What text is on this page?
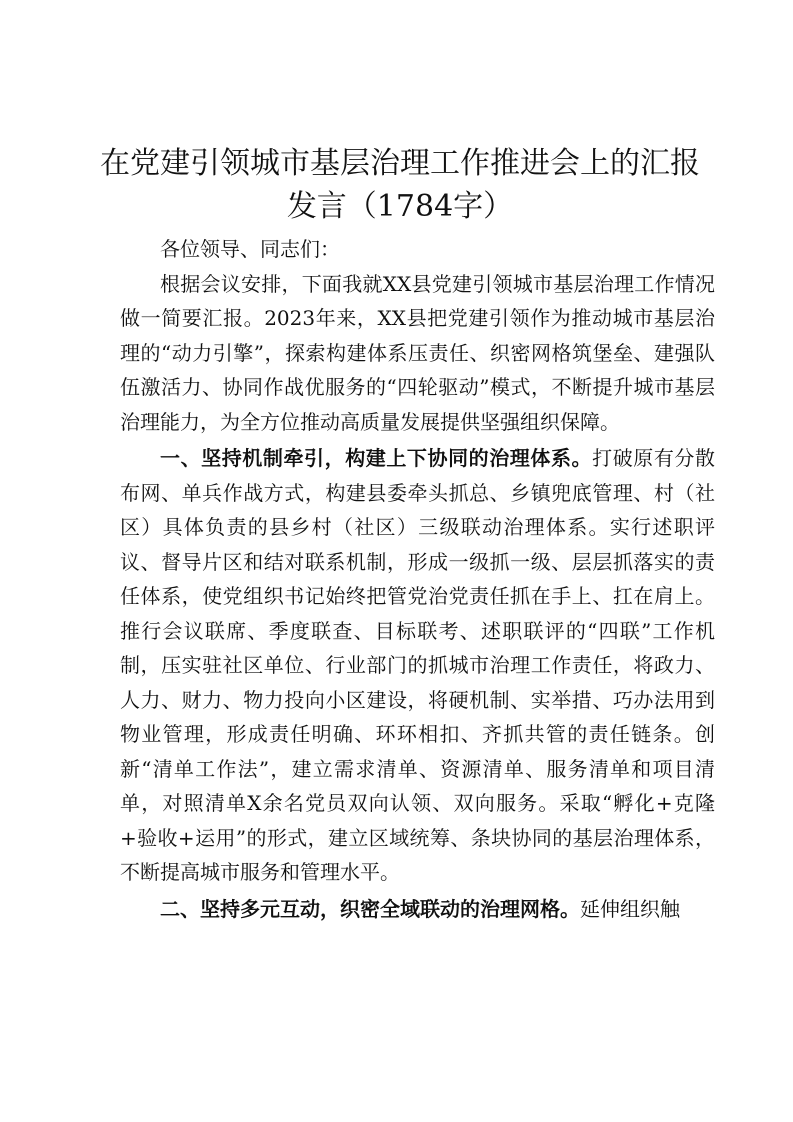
在党建引领城市基层治理工作推进会上的汇报发言（1784字）

各位领导、同志们：

根据会议安排，下面我就XX县党建引领城市基层治理工作情况做一简要汇报。2023年来，XX县把党建引领作为推动城市基层治理的“动力引擎”，探索构建体系压责任、织密网格筑堡垒、建强队伍激活力、协同作战优服务的“四轮驱动”模式，不断提升城市基层治理能力，为全方位推动高质量发展提供坚强组织保障。

一、坚持机制牵引，构建上下协同的治理体系。打破原有分散布网、单兵作战方式，构建县委牵头抓总、乡镇兜底管理、村（社区）具体负责的县乡村（社区）三级联动治理体系。实行述职评议、督导片区和结对联系机制，形成一级抓一级、层层抓落实的责任体系，使党组织书记始终把管党治党责任抓在手上、扛在肩上。推行会议联席、季度联查、目标联考、述职联评的“四联”工作机制，压实驻社区单位、行业部门的抓城市治理工作责任，将政力、人力、财力、物力投向小区建设，将硬机制、实举措、巧办法用到物业管理，形成责任明确、环环相扣、齐抓共管的责任链条。创新“清单工作法”，建立需求清单、资源清单、服务清单和项目清单，对照清单X余名党员双向认领、双向服务。采取“孵化+克隆+验收+运用”的形式，建立区域统筹、条块协同的基层治理体系，不断提高城市服务和管理水平。

二、坚持多元互动，织密全域联动的治理网格。延伸组织触
